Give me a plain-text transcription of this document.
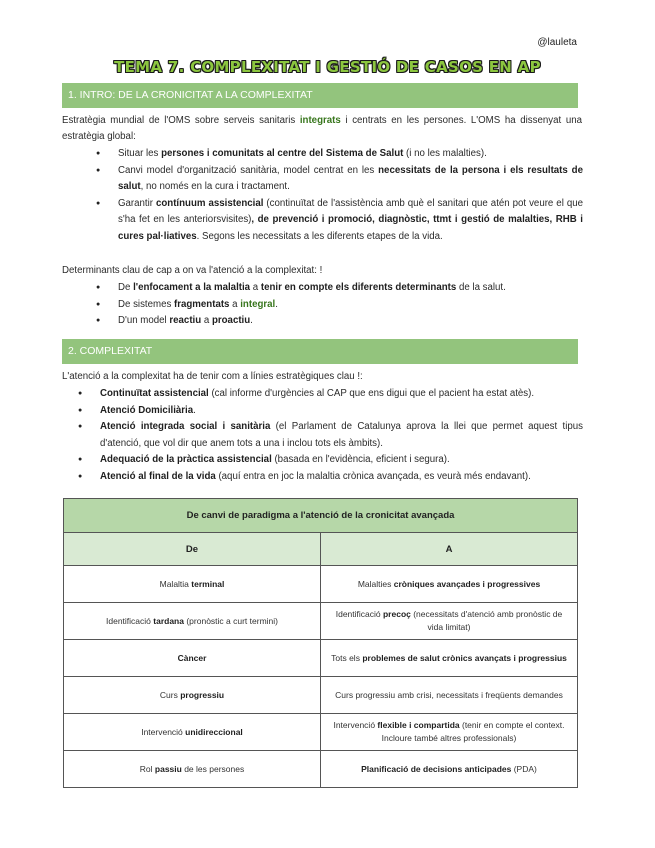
@lauleta
TEMA 7. COMPLEXITAT I GESTIÓ DE CASOS EN AP
1. INTRO: DE LA CRONICITAT A LA COMPLEXITAT
Estratègia mundial de l'OMS sobre serveis sanitaris integrats i centrats en les persones. L'OMS ha dissenyat una estratègia global:
● Situar les persones i comunitats al centre del Sistema de Salut (i no les malalties).
● Canvi model d'organització sanitària, model centrat en les necessitats de la persona i els resultats de salut, no només en la cura i tractament.
● Garantir contínuum assistencial (continuïtat de l'assistència amb què el sanitari que atén pot veure el que s'ha fet en les anteriorsvisites), de prevenció i promoció, diagnòstic, ttmt i gestió de malalties, RHB i cures pal·liatives. Segons les necessitats a les diferents etapes de la vida.
Determinants clau de cap a on va l'atenció a la complexitat: !
● De l'enfocament a la malaltia a tenir en compte els diferents determinants de la salut.
● De sistemes fragmentats a integral.
● D'un model reactiu a proactiu.
2. COMPLEXITAT
L'atenció a la complexitat ha de tenir com a línies estratègiques clau !:
● Continuïtat assistencial (cal informe d'urgències al CAP que ens digui que el pacient ha estat atès).
● Atenció Domiciliària.
● Atenció integrada social i sanitària (el Parlament de Catalunya aprova la llei que permet aquest tipus d'atenció, que vol dir que anem tots a una i inclou tots els àmbits).
● Adequació de la pràctica assistencial (basada en l'evidència, eficient i segura).
● Atenció al final de la vida (aquí entra en joc la malaltia crònica avançada, es veurà més endavant).
De canvi de paradigma a l'atenció de la cronicitat avançada	
De	A
Malaltia terminal	Malalties cròniques avançades i progressives
Identificació tardana (pronòstic a curt termini)	Identificació precoç (necessitats d'atenció amb pronòstic de vida limitat)
Càncer	Tots els problemes de salut crònics avançats i progressius
Curs progressiu	Curs progressiu amb crisi, necessitats i freqüents demandes
Intervenció unidireccional	Intervenció flexible i compartida (tenir en compte el context. Incloure també altres professionals)
Rol passiu de les persones	Planificació de decisions anticipades (PDA)
